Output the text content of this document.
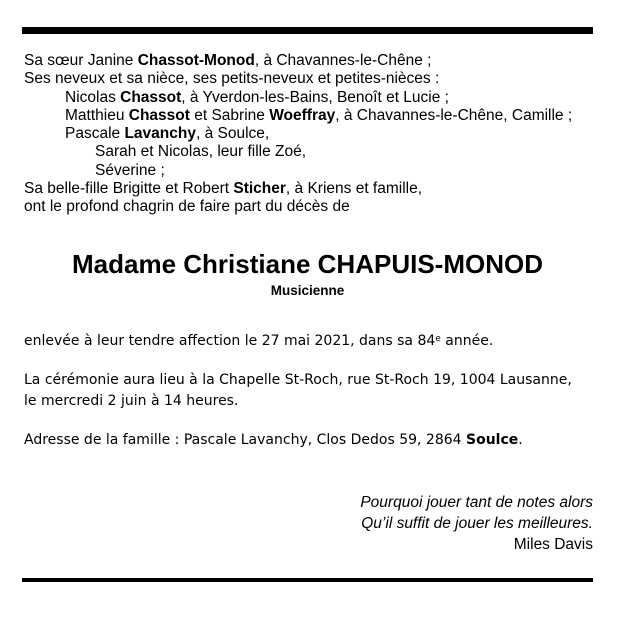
Sa sœur Janine Chassot-Monod, à Chavannes-le-Chêne ;
Ses neveux et sa nièce, ses petits-neveux et petites-nièces :
Nicolas Chassot, à Yverdon-les-Bains, Benoît et Lucie ;
Matthieu Chassot et Sabrine Woeffray, à Chavannes-le-Chêne, Camille ;
Pascale Lavanchy, à Soulce,
Sarah et Nicolas, leur fille Zoé,
Séverine ;
Sa belle-fille Brigitte et Robert Sticher, à Kriens et famille,
ont le profond chagrin de faire part du décès de
Madame Christiane CHAPUIS-MONOD
Musicienne
enlevée à leur tendre affection le 27 mai 2021, dans sa 84e année.
La cérémonie aura lieu à la Chapelle St-Roch, rue St-Roch 19, 1004 Lausanne,
le mercredi 2 juin à 14 heures.
Adresse de la famille : Pascale Lavanchy, Clos Dedos 59, 2864 Soulce.
Pourquoi jouer tant de notes alors
Qu’il suffit de jouer les meilleures.
Miles Davis
